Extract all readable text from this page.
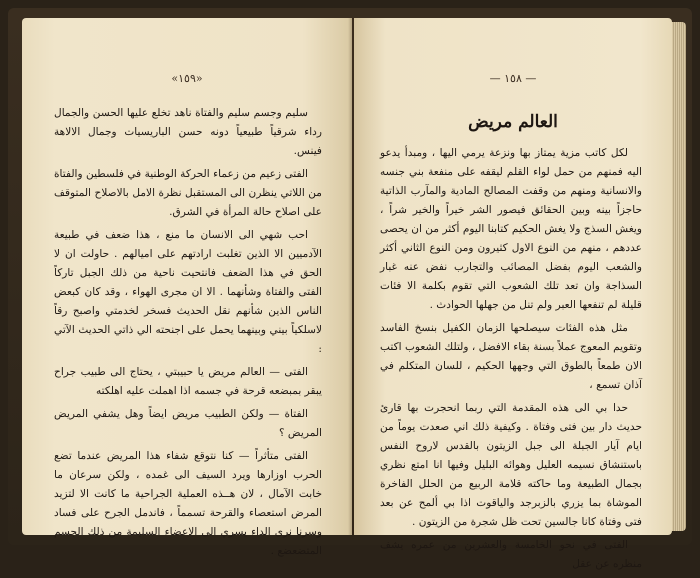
«١٥٩»

سليم وجسم سليم والفتاة ناهد تخلع عليها الحسن والجمال رداء شرقياً طبيعياً دونه حسن الباريسيات وجمال الالاهة فينس.

الفتى زعيم من زعماء الحركة الوطنية في فلسطين والفتاة من اللاتي ينظرن الى المستقبل نظرة الامل بالاصلاح المتوقف على اصلاح حالة المرأة في الشرق.

احب شهي الى الانسان ما منع ، هذا ضعف في طبيعة الآدميين الا الذين تغلبت ارادتهم على اميالهم . حاولت ان لا الحق في هذا الضعف فانتحيت ناحية من ذلك الجبل تاركاً الفتى والفتاة وشأنهما . الا ان مجرى الهواء ، وقد كان كبعض الناس الذين شأنهم نقل الحديث فسخر لخدمتي واصبح رقاً لاسلكياً بيني وبينهما يحمل على اجنحته الي ذاتي الحديث الآتي :

الفتى — العالم مريض يا حبيبتي ، يحتاج الى طبيب جراح يبقر بمبضعه قرحة في جسمه اذا اهملت عليه اهلكته

الفتاة — ولكن الطبيب مريض ايضاً وهل يشفي المريض المريض ؟

الفتى متأثراً — كنا نتوقع شفاء هذا المريض عندما تضع الحرب اوزارها ويرد السيف الى غمده ، ولكن سرعان ما خابت الآمال ، لان هــذه العملية الجراحية ما كانت الا لتزيد المرض استعصاء والقرحة تسمماً ، فاندمل الجرح على فساد وسرنا نرى الداء يسري الى الاعضاء السليمة من ذلك الجسم المتضعضع .

— ١٥٨ —
العالم مريض

لكل كاتب مزية يمتاز بها ونزعة يرمي اليها ، ومبدأ يدعو اليه فمنهم من حمل لواء القلم ليقفه على منفعة بني جنسه والانسانية ومنهم من وقفت المصالح المادية والمآرب الذاتية حاجزاً بينه وبين الحقائق فيصور الشر خيراً والخير شراً ، ويغش السذج ولا يغش الحكيم كتابنا اليوم أكثر من ان يحصى عددهم ، منهم من النوع الاول كثيرون ومن النوع الثاني أكثر والشعب اليوم بفضل المصائب والتجارب نفض عنه غبار السذاجة وان تعد تلك الشعوب التي تقوم بكلمة الا فئات قليلة لم تنفعها العبر ولم تنل من جهلها الحوادث .

مثل هذه الفئات سيصلحها الزمان الكفيل بنسخ الفاسد وتقويم المعوج عملاً بسنة بقاء الافضل ، ولتلك الشعوب اكتب الان طمعاً بالطوق التي وجهها الحكيم ، للسان المتكلم في آذان تسمع ،

حدا بي الى هذه المقدمة التي ربما انحجرت بها قارئ حديث دار بين فتى وفتاة . وكيفية ذلك اني صعدت يوماً من ايام آيار الجبلة الى جبل الزيتون بالقدس لاروح النفس باستنشاق نسيمه العليل وهوائه البليل وفيها انا امتع نظري بجمال الطبيعة وما حاكته قلامة الربيع من الحلل الفاخرة الموشاة بما يزري بالزبرجد والياقوت اذا بي ألمح عن بعد فتى وفتاة كانا جالسين تحت ظل شجرة من الزيتون .

الفتى في نحو الخامسة والعشرين من عمره يشف منظره عن عقل
